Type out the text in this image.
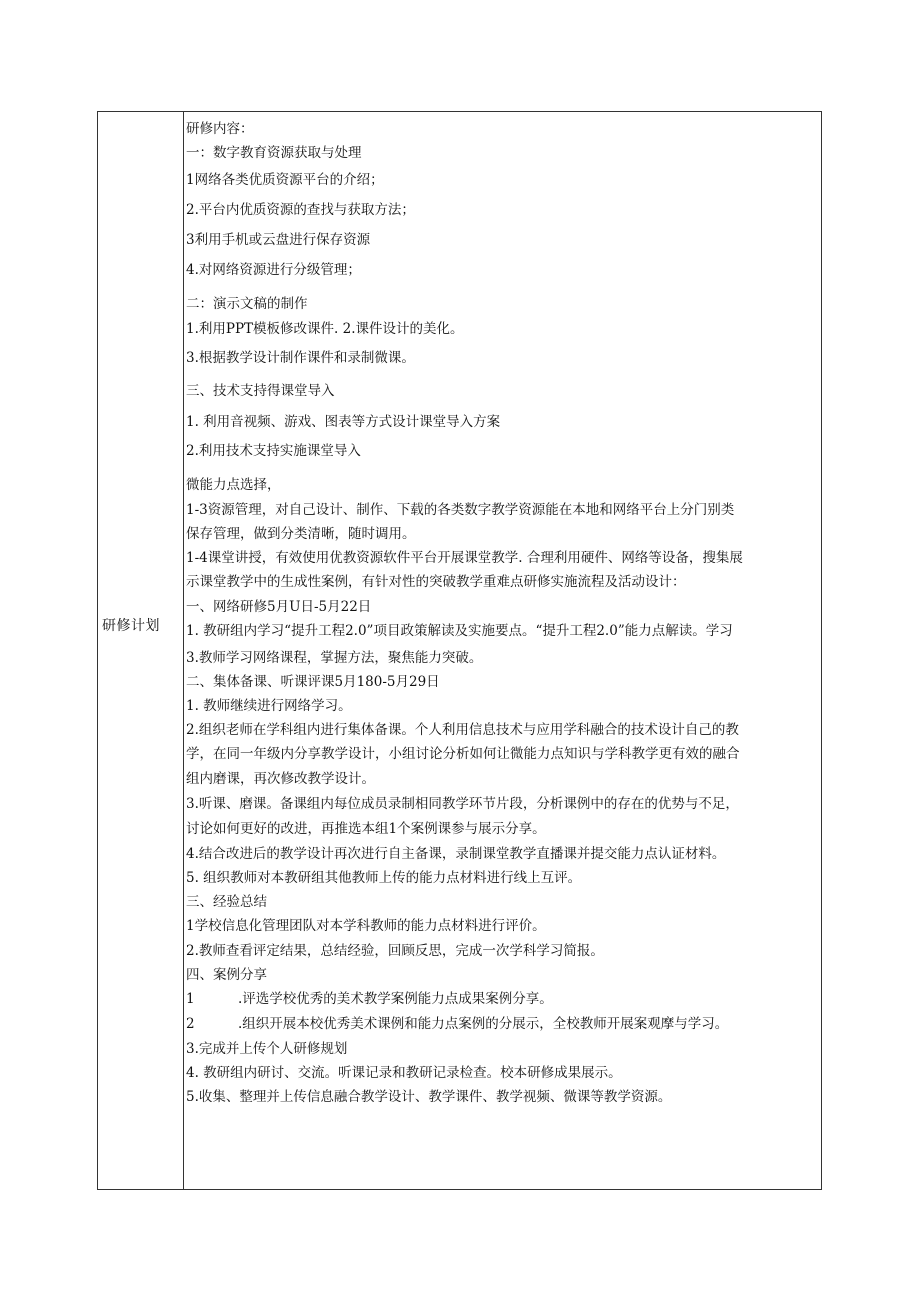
研修计划
研修内容：
一：数字教育资源获取与处理
1网络各类优质资源平台的介绍；
2.平台内优质资源的查找与获取方法；
3利用手机或云盘进行保存资源
4.对网络资源进行分级管理；
二：演示文稿的制作
1.利用PPT模板修改课件. 2.课件设计的美化。
3.根据教学设计制作课件和录制微课。
三、技术支持得课堂导入
1. 利用音视频、游戏、图表等方式设计课堂导入方案
2.利用技术支持实施课堂导入
微能力点选择，
1-3资源管理，对自己设计、制作、下载的各类数字教学资源能在本地和网络平台上分门别类
保存管理，做到分类清晰，随时调用。
1-4课堂讲授，有效使用优教资源软件平台开展课堂教学. 合理利用硬件、网络等设备，搜集展
示课堂教学中的生成性案例，有针对性的突破教学重难点研修实施流程及活动设计：
一、网络研修5月U日-5月22日
1. 教研组内学习“提升工程2.0”项目政策解读及实施要点。“提升工程2.0”能力点解读。学习
3.教师学习网络课程，掌握方法，聚焦能力突破。
二、集体备课、听课评课5月180-5月29日
1. 教师继续进行网络学习。
2.组织老师在学科组内进行集体备课。个人利用信息技术与应用学科融合的技术设计自己的教
学，在同一年级内分享教学设计，小组讨论分析如何让微能力点知识与学科教学更有效的融合
组内磨课，再次修改教学设计。
3.听课、磨课。备课组内每位成员录制相同教学环节片段，分析课例中的存在的优势与不足，
讨论如何更好的改进，再推选本组1个案例课参与展示分享。
4.结合改进后的教学设计再次进行自主备课，录制课堂教学直播课并提交能力点认证材料。
5. 组织教师对本教研组其他教师上传的能力点材料进行线上互评。
三、经验总结
1学校信息化管理团队对本学科教师的能力点材料进行评价。
2.教师查看评定结果，总结经验，回顾反思，完成一次学科学习简报。
四、案例分享
1	.评选学校优秀的美术教学案例能力点成果案例分享。
2	.组织开展本校优秀美术课例和能力点案例的分展示，全校教师开展案观摩与学习。
3.完成并上传个人研修规划
4. 教研组内研讨、交流。听课记录和教研记录检查。校本研修成果展示。
5.收集、整理并上传信息融合教学设计、教学课件、教学视频、微课等教学资源。
